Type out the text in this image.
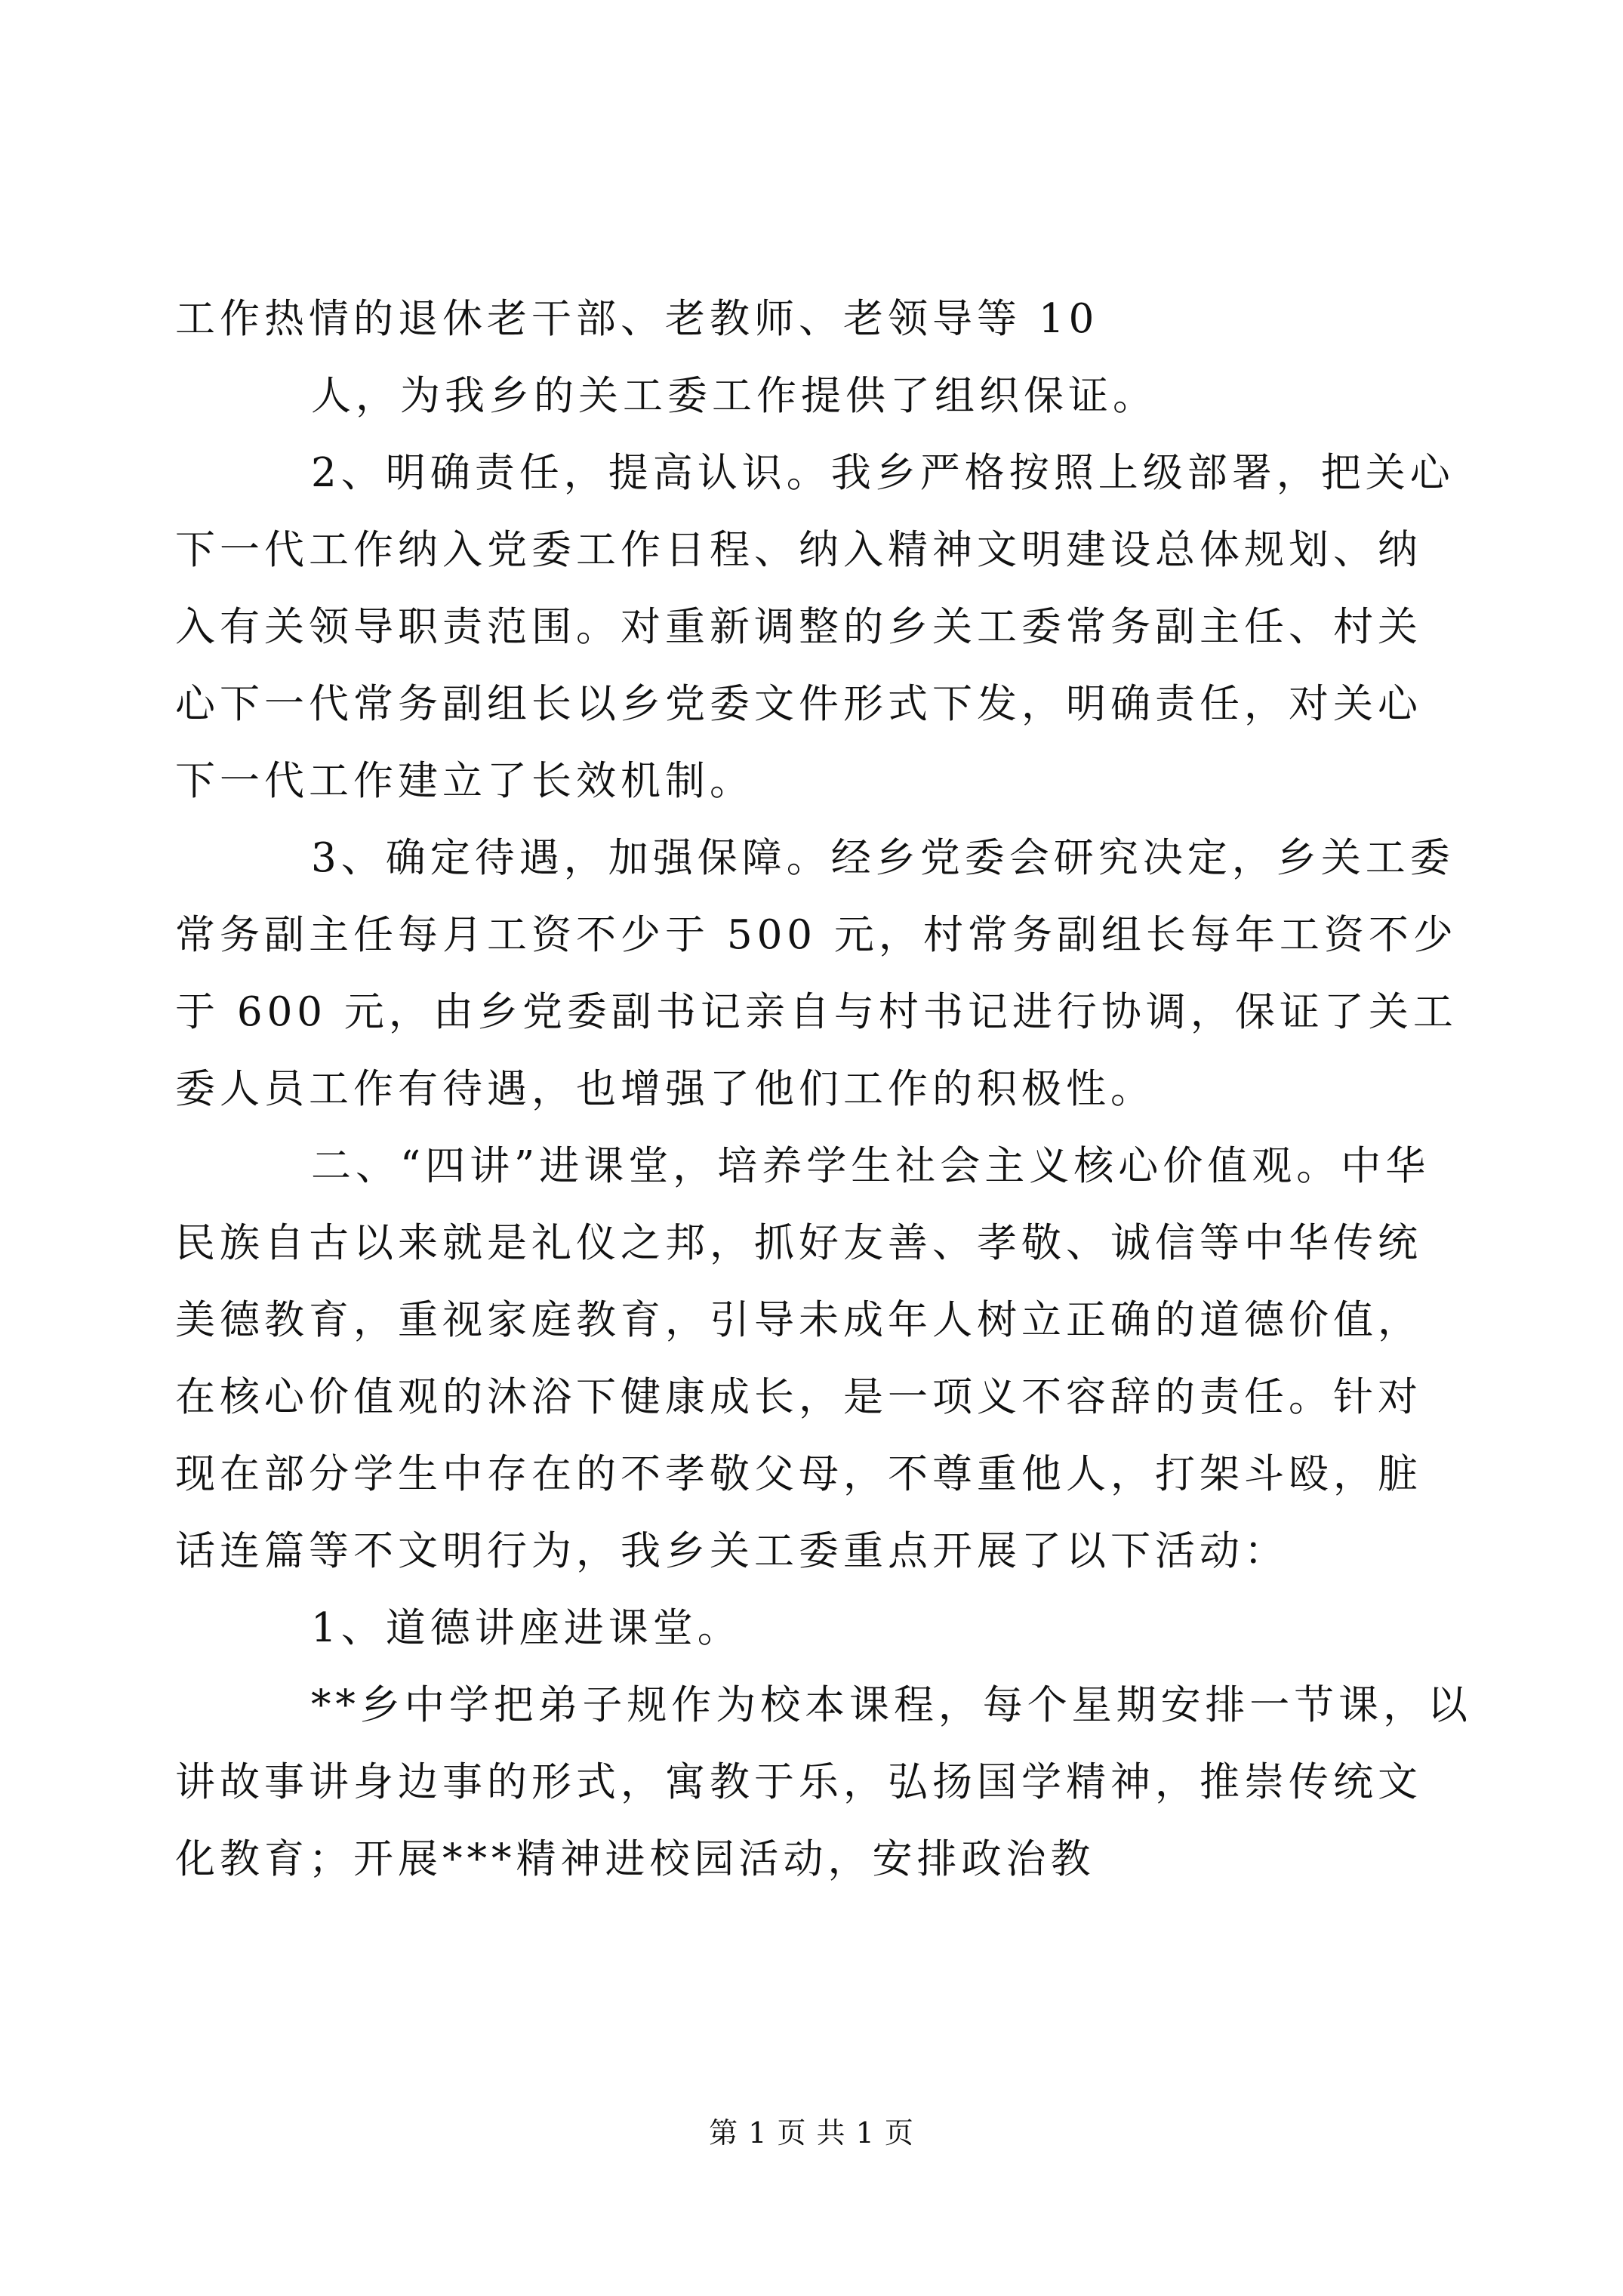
工作热情的退休老干部、老教师、老领导等 10
人，为我乡的关工委工作提供了组织保证。
2、明确责任，提高认识。我乡严格按照上级部署，把关心
下一代工作纳入党委工作日程、纳入精神文明建设总体规划、纳
入有关领导职责范围。对重新调整的乡关工委常务副主任、村关
心下一代常务副组长以乡党委文件形式下发，明确责任，对关心
下一代工作建立了长效机制。
3、确定待遇，加强保障。经乡党委会研究决定，乡关工委
常务副主任每月工资不少于 500 元，村常务副组长每年工资不少
于 600 元，由乡党委副书记亲自与村书记进行协调，保证了关工
委人员工作有待遇，也增强了他们工作的积极性。
二、“四讲”进课堂，培养学生社会主义核心价值观。中华
民族自古以来就是礼仪之邦，抓好友善、孝敬、诚信等中华传统
美德教育，重视家庭教育，引导未成年人树立正确的道德价值，
在核心价值观的沐浴下健康成长，是一项义不容辞的责任。针对
现在部分学生中存在的不孝敬父母，不尊重他人，打架斗殴，脏
话连篇等不文明行为，我乡关工委重点开展了以下活动：
1、道德讲座进课堂。
**乡中学把弟子规作为校本课程，每个星期安排一节课，以
讲故事讲身边事的形式，寓教于乐，弘扬国学精神，推崇传统文
化教育；开展***精神进校园活动，安排政治教
第 1 页 共 1 页
